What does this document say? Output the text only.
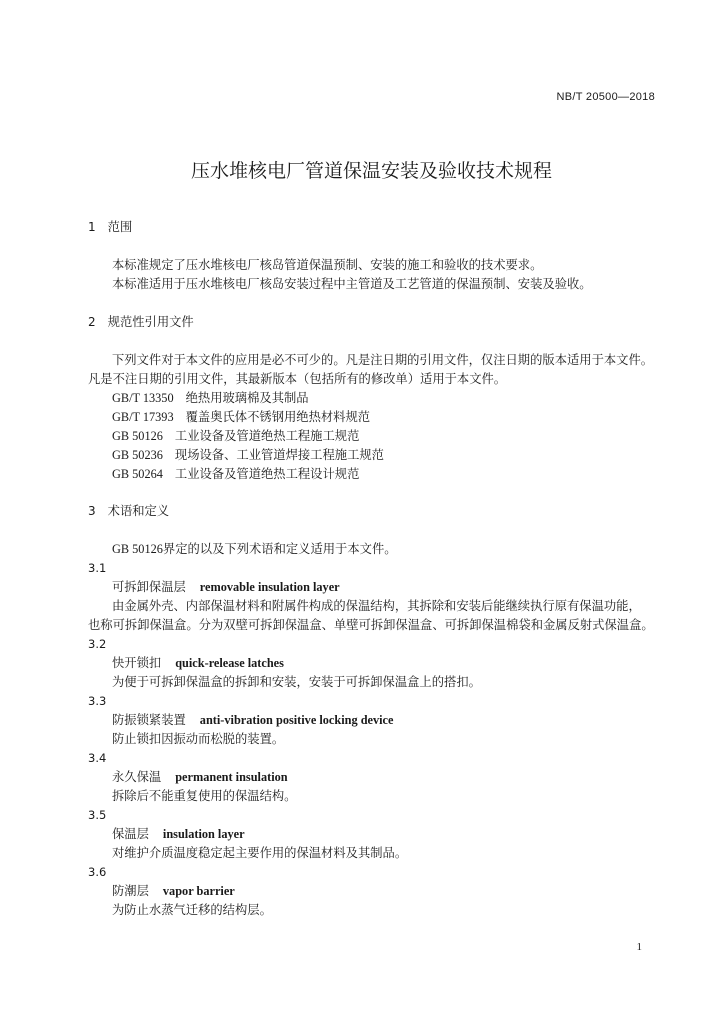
NB/T 20500—2018
压水堆核电厂管道保温安装及验收技术规程
1 范围
本标准规定了压水堆核电厂核岛管道保温预制、安装的施工和验收的技术要求。
本标准适用于压水堆核电厂核岛安装过程中主管道及工艺管道的保温预制、安装及验收。
2 规范性引用文件
下列文件对于本文件的应用是必不可少的。凡是注日期的引用文件，仅注日期的版本适用于本文件。
凡是不注日期的引用文件，其最新版本（包括所有的修改单）适用于本文件。
GB/T 13350 绝热用玻璃棉及其制品
GB/T 17393 覆盖奥氏体不锈钢用绝热材料规范
GB 50126 工业设备及管道绝热工程施工规范
GB 50236 现场设备、工业管道焊接工程施工规范
GB 50264 工业设备及管道绝热工程设计规范
3 术语和定义
GB 50126界定的以及下列术语和定义适用于本文件。
3.1
可拆卸保温层 removable insulation layer
由金属外壳、内部保温材料和附属件构成的保温结构，其拆除和安装后能继续执行原有保温功能，
也称可拆卸保温盒。分为双壁可拆卸保温盒、单壁可拆卸保温盒、可拆卸保温棉袋和金属反射式保温盒。
3.2
快开锁扣 quick-release latches
为便于可拆卸保温盒的拆卸和安装，安装于可拆卸保温盒上的搭扣。
3.3
防振锁紧装置 anti-vibration positive locking device
防止锁扣因振动而松脱的装置。
3.4
永久保温 permanent insulation
拆除后不能重复使用的保温结构。
3.5
保温层 insulation layer
对维护介质温度稳定起主要作用的保温材料及其制品。
3.6
防潮层 vapor barrier
为防止水蒸气迁移的结构层。
1
